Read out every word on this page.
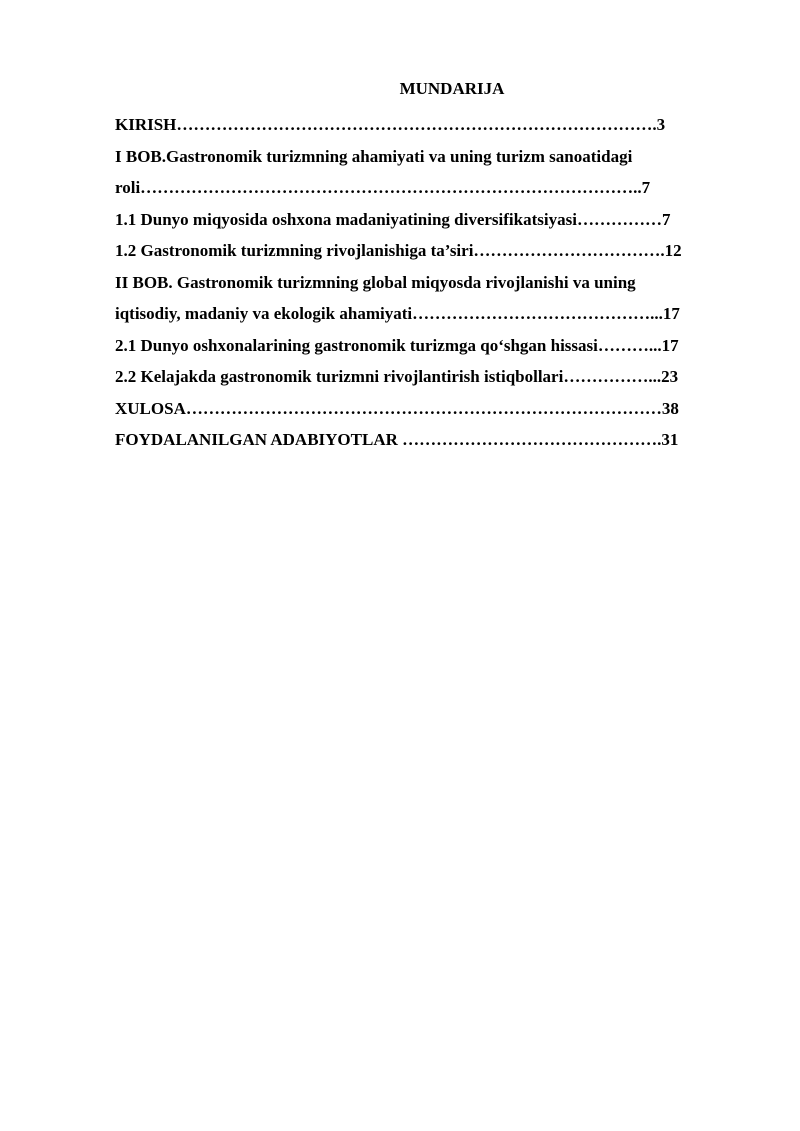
MUNDARIJA
KIRISH………………………………………………………………………….3
I BOB.Gastronomik turizmning ahamiyati va uning turizm sanoatidagi
roli……………………………………………………………………………..7
1.1 Dunyo miqyosida oshxona madaniyatining diversifikatsiyasi……………7
1.2 Gastronomik turizmning rivojlanishiga ta’siri…………………………….12
II BOB. Gastronomik turizmning global miqyosda rivojlanishi va uning
iqtisodiy, madaniy va ekologik ahamiyati……………………………………...17
2.1 Dunyo oshxonalarining gastronomik turizmga qo‘shgan hissasi………...17
2.2 Kelajakda gastronomik turizmni rivojlantirish istiqbollari……………...23
XULOSA…………………………………………………………………………38
FOYDALANILGAN ADABIYOTLAR ……………………………………….31
